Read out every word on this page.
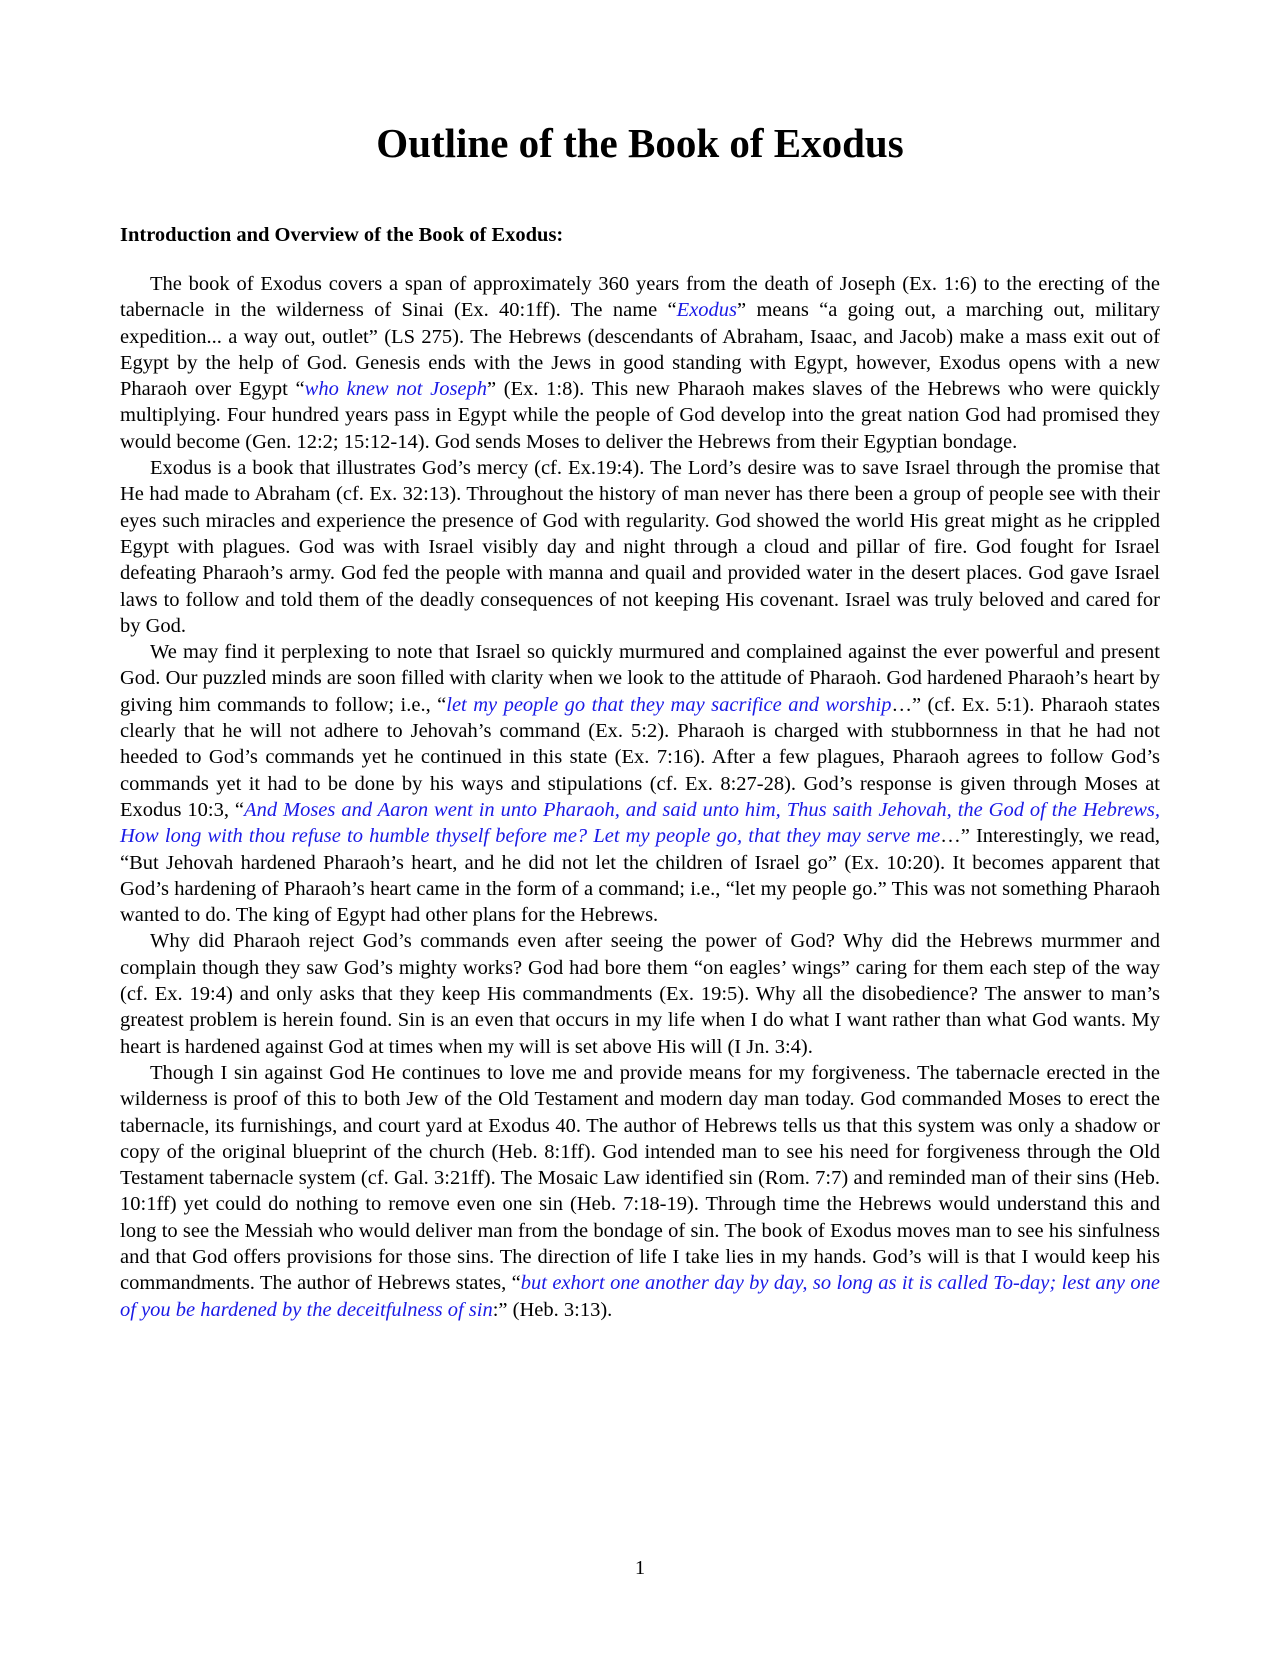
Outline of the Book of Exodus
Introduction and Overview of the Book of Exodus:

The book of Exodus covers a span of approximately 360 years from the death of Joseph (Ex. 1:6) to the erecting of the tabernacle in the wilderness of Sinai (Ex. 40:1ff). The name “Exodus” means “a going out, a marching out, military expedition... a way out, outlet” (LS 275). The Hebrews (descendants of Abraham, Isaac, and Jacob) make a mass exit out of Egypt by the help of God. Genesis ends with the Jews in good standing with Egypt, however, Exodus opens with a new Pharaoh over Egypt “who knew not Joseph” (Ex. 1:8). This new Pharaoh makes slaves of the Hebrews who were quickly multiplying. Four hundred years pass in Egypt while the people of God develop into the great nation God had promised they would become (Gen. 12:2; 15:12-14). God sends Moses to deliver the Hebrews from their Egyptian bondage.

Exodus is a book that illustrates God’s mercy (cf. Ex.19:4). The Lord’s desire was to save Israel through the promise that He had made to Abraham (cf. Ex. 32:13). Throughout the history of man never has there been a group of people see with their eyes such miracles and experience the presence of God with regularity. God showed the world His great might as he crippled Egypt with plagues. God was with Israel visibly day and night through a cloud and pillar of fire. God fought for Israel defeating Pharaoh’s army. God fed the people with manna and quail and provided water in the desert places. God gave Israel laws to follow and told them of the deadly consequences of not keeping His covenant. Israel was truly beloved and cared for by God.

We may find it perplexing to note that Israel so quickly murmured and complained against the ever powerful and present God. Our puzzled minds are soon filled with clarity when we look to the attitude of Pharaoh. God hardened Pharaoh’s heart by giving him commands to follow; i.e., “let my people go that they may sacrifice and worship…” (cf. Ex. 5:1). Pharaoh states clearly that he will not adhere to Jehovah’s command (Ex. 5:2). Pharaoh is charged with stubbornness in that he had not heeded to God’s commands yet he continued in this state (Ex. 7:16). After a few plagues, Pharaoh agrees to follow God’s commands yet it had to be done by his ways and stipulations (cf. Ex. 8:27-28). God’s response is given through Moses at Exodus 10:3, “And Moses and Aaron went in unto Pharaoh, and said unto him, Thus saith Jehovah, the God of the Hebrews, How long with thou refuse to humble thyself before me? Let my people go, that they may serve me…” Interestingly, we read, “But Jehovah hardened Pharaoh’s heart, and he did not let the children of Israel go” (Ex. 10:20). It becomes apparent that God’s hardening of Pharaoh’s heart came in the form of a command; i.e., “let my people go.” This was not something Pharaoh wanted to do. The king of Egypt had other plans for the Hebrews.

Why did Pharaoh reject God’s commands even after seeing the power of God? Why did the Hebrews murmmer and complain though they saw God’s mighty works? God had bore them “on eagles’ wings” caring for them each step of the way (cf. Ex. 19:4) and only asks that they keep His commandments (Ex. 19:5). Why all the disobedience? The answer to man’s greatest problem is herein found. Sin is an even that occurs in my life when I do what I want rather than what God wants. My heart is hardened against God at times when my will is set above His will (I Jn. 3:4).

Though I sin against God He continues to love me and provide means for my forgiveness. The tabernacle erected in the wilderness is proof of this to both Jew of the Old Testament and modern day man today. God commanded Moses to erect the tabernacle, its furnishings, and court yard at Exodus 40. The author of Hebrews tells us that this system was only a shadow or copy of the original blueprint of the church (Heb. 8:1ff). God intended man to see his need for forgiveness through the Old Testament tabernacle system (cf. Gal. 3:21ff). The Mosaic Law identified sin (Rom. 7:7) and reminded man of their sins (Heb. 10:1ff) yet could do nothing to remove even one sin (Heb. 7:18-19). Through time the Hebrews would understand this and long to see the Messiah who would deliver man from the bondage of sin. The book of Exodus moves man to see his sinfulness and that God offers provisions for those sins. The direction of life I take lies in my hands. God’s will is that I would keep his commandments. The author of Hebrews states, “but exhort one another day by day, so long as it is called To-day; lest any one of you be hardened by the deceitfulness of sin:” (Heb. 3:13).

1
